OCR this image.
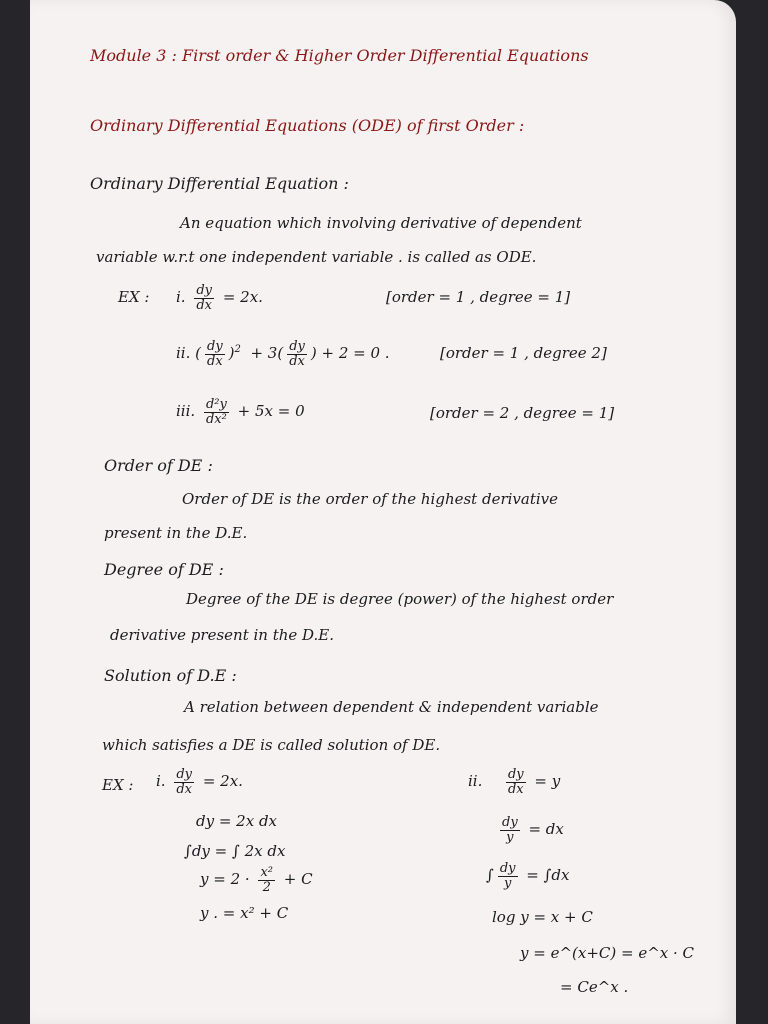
Module 3 : First order & Higher Order Differential Equations
Ordinary Differential Equations (ODE) of first Order :
Ordinary Differential Equation :
An equation which involving derivative of dependent
variable w.r.t one independent variable . is called as ODE.
EX : i. $\frac{dy}{dx} = 2x$.	[order = 1 , degree = 1]
ii. ( $\frac{dy}{dx} )^2 + 3( \frac{dy}{dx}$ ) + 2 = 0 .	[order = 1 , degree 2]
iii. $\frac{\text{d²y}}{\text{dx²}} + 5x = 0$	[order = 2 , degree = 1]
Order of DE :
Order of DE is the order of the highest derivative
present in the D.E.
Degree of DE :
Degree of the DE is degree (power) of the highest order
derivative present in the D.E.
Solution of D.E :
A relation between dependent & independent variable
which satisfies a DE is called solution of DE.
EX : i. $\frac{dy}{dx} = 2x$.
dy = 2x dx
∫dy = ∫ 2x dx
$y = 2 \cdot \frac{\text{x²}}{2} + C$
y . = x² + C
ii. $\frac{dy}{dx} = y$
$\frac{dy}{y}$ = dx
∫ $\frac{dy}{y} = \int dx$
log y = x + C
y = e^(x+C) = e^x · C
= Ce^x .
